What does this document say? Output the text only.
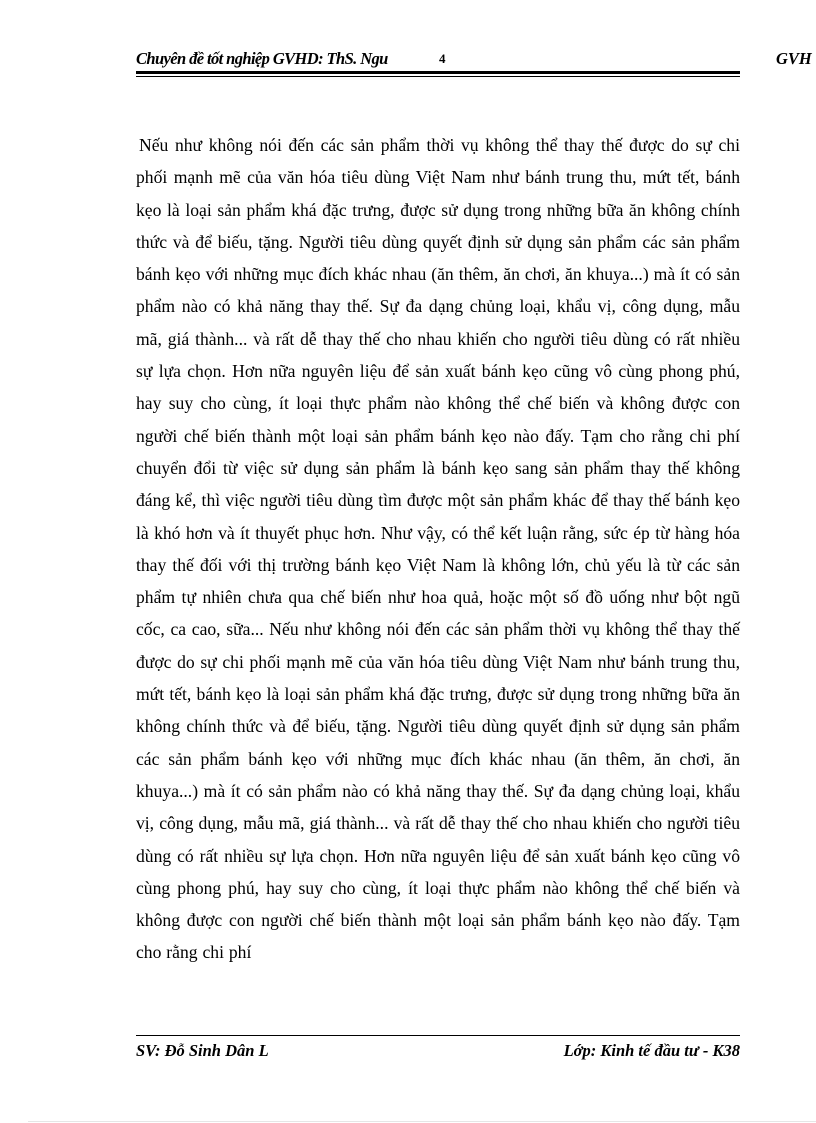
Chuyên đề tốt nghiệp GVHD: ThS. Ngu	4	GVH

Nếu như không nói đến các sản phẩm thời vụ không thể thay thế được do sự chi phối mạnh mẽ của văn hóa tiêu dùng Việt Nam như bánh trung thu, mứt tết, bánh kẹo là loại sản phẩm khá đặc trưng, được sử dụng trong những bữa ăn không chính thức và để biếu, tặng. Người tiêu dùng quyết định sử dụng sản phẩm các sản phẩm bánh kẹo với những mục đích khác nhau (ăn thêm, ăn chơi, ăn khuya...) mà ít có sản phẩm nào có khả năng thay thế. Sự đa dạng chủng loại, khẩu vị, công dụng, mẫu mã, giá thành... và rất dễ thay thế cho nhau khiến cho người tiêu dùng có rất nhiều sự lựa chọn. Hơn nữa nguyên liệu để sản xuất bánh kẹo cũng vô cùng phong phú, hay suy cho cùng, ít loại thực phẩm nào không thể chế biến và không được con người chế biến thành một loại sản phẩm bánh kẹo nào đấy. Tạm cho rằng chi phí chuyển đổi từ việc sử dụng sản phẩm là bánh kẹo sang sản phẩm thay thế không đáng kể, thì việc người tiêu dùng tìm được một sản phẩm khác để thay thế bánh kẹo là khó hơn và ít thuyết phục hơn. Như vậy, có thể kết luận rằng, sức ép từ hàng hóa thay thế đối với thị trường bánh kẹo Việt Nam là không lớn, chủ yếu là từ các sản phẩm tự nhiên chưa qua chế biến như hoa quả, hoặc một số đồ uống như bột ngũ cốc, ca cao, sữa... Nếu như không nói đến các sản phẩm thời vụ không thể thay thế được do sự chi phối mạnh mẽ của văn hóa tiêu dùng Việt Nam như bánh trung thu, mứt tết, bánh kẹo là loại sản phẩm khá đặc trưng, được sử dụng trong những bữa ăn không chính thức và để biếu, tặng. Người tiêu dùng quyết định sử dụng sản phẩm các sản phẩm bánh kẹo với những mục đích khác nhau (ăn thêm, ăn chơi, ăn khuya...) mà ít có sản phẩm nào có khả năng thay thế. Sự đa dạng chủng loại, khẩu vị, công dụng, mẫu mã, giá thành... và rất dễ thay thế cho nhau khiến cho người tiêu dùng có rất nhiều sự lựa chọn. Hơn nữa nguyên liệu để sản xuất bánh kẹo cũng vô cùng phong phú, hay suy cho cùng, ít loại thực phẩm nào không thể chế biến và không được con người chế biến thành một loại sản phẩm bánh kẹo nào đấy. Tạm cho rằng chi phí

SV: Đỗ Sinh Dân L	Lớp: Kinh tế đầu tư - K38
